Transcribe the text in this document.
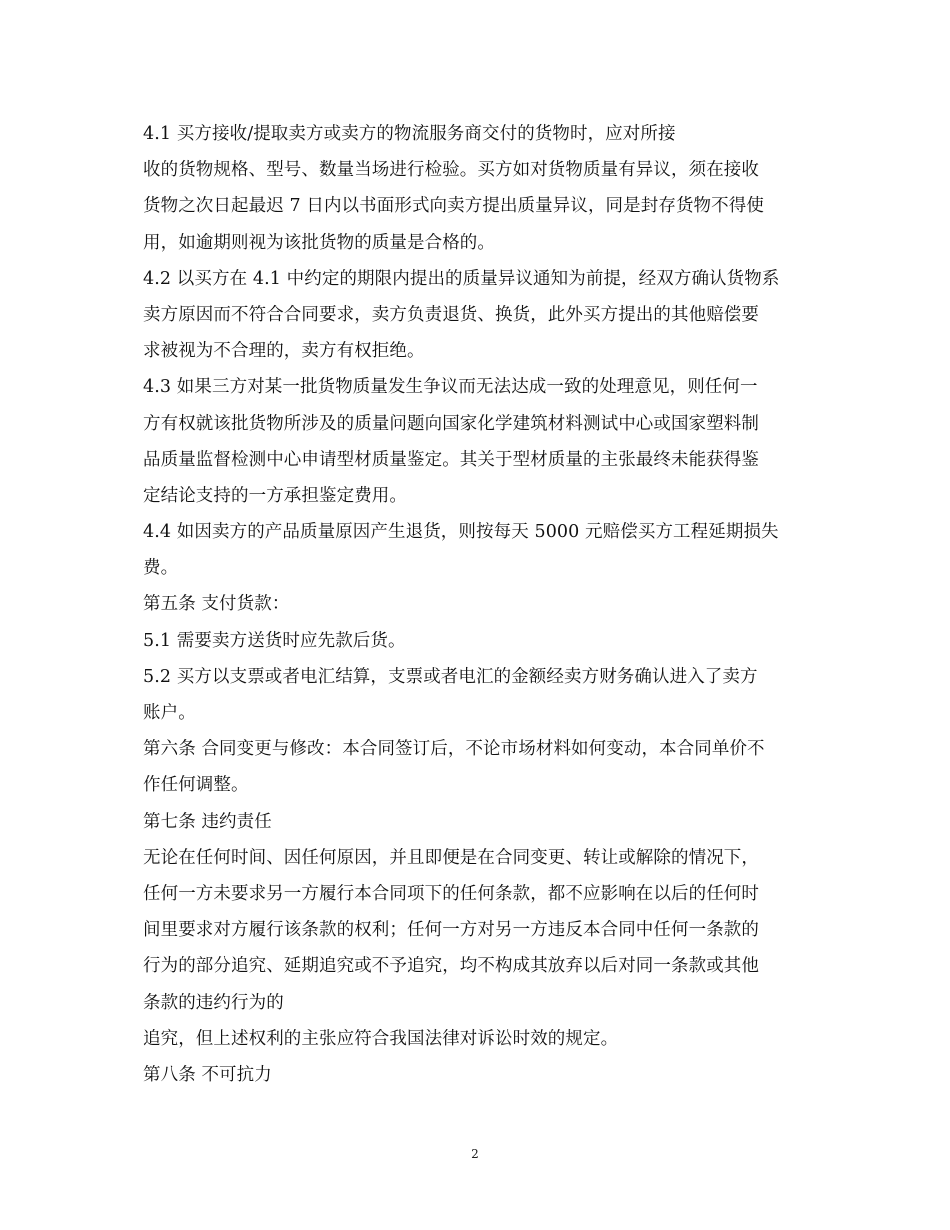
4.1 买方接收/提取卖方或卖方的物流服务商交付的货物时，应对所接
收的货物规格、型号、数量当场进行检验。买方如对货物质量有异议，须在接收
货物之次日起最迟 7 日内以书面形式向卖方提出质量异议，同是封存货物不得使
用，如逾期则视为该批货物的质量是合格的。
4.2 以买方在 4.1 中约定的期限内提出的质量异议通知为前提，经双方确认货物系
卖方原因而不符合合同要求，卖方负责退货、换货，此外买方提出的其他赔偿要
求被视为不合理的，卖方有权拒绝。
4.3 如果三方对某一批货物质量发生争议而无法达成一致的处理意见，则任何一
方有权就该批货物所涉及的质量问题向国家化学建筑材料测试中心或国家塑料制
品质量监督检测中心申请型材质量鉴定。其关于型材质量的主张最终未能获得鉴
定结论支持的一方承担鉴定费用。
4.4 如因卖方的产品质量原因产生退货，则按每天 5000 元赔偿买方工程延期损失
费。
第五条 支付货款：
5.1 需要卖方送货时应先款后货。
5.2 买方以支票或者电汇结算，支票或者电汇的金额经卖方财务确认进入了卖方
账户。
第六条 合同变更与修改：本合同签订后，不论市场材料如何变动，本合同单价不
作任何调整。
第七条 违约责任
无论在任何时间、因任何原因，并且即便是在合同变更、转让或解除的情况下，
任何一方未要求另一方履行本合同项下的任何条款，都不应影响在以后的任何时
间里要求对方履行该条款的权利；任何一方对另一方违反本合同中任何一条款的
行为的部分追究、延期追究或不予追究，均不构成其放弃以后对同一条款或其他
条款的违约行为的
追究，但上述权利的主张应符合我国法律对诉讼时效的规定。
第八条 不可抗力
2
